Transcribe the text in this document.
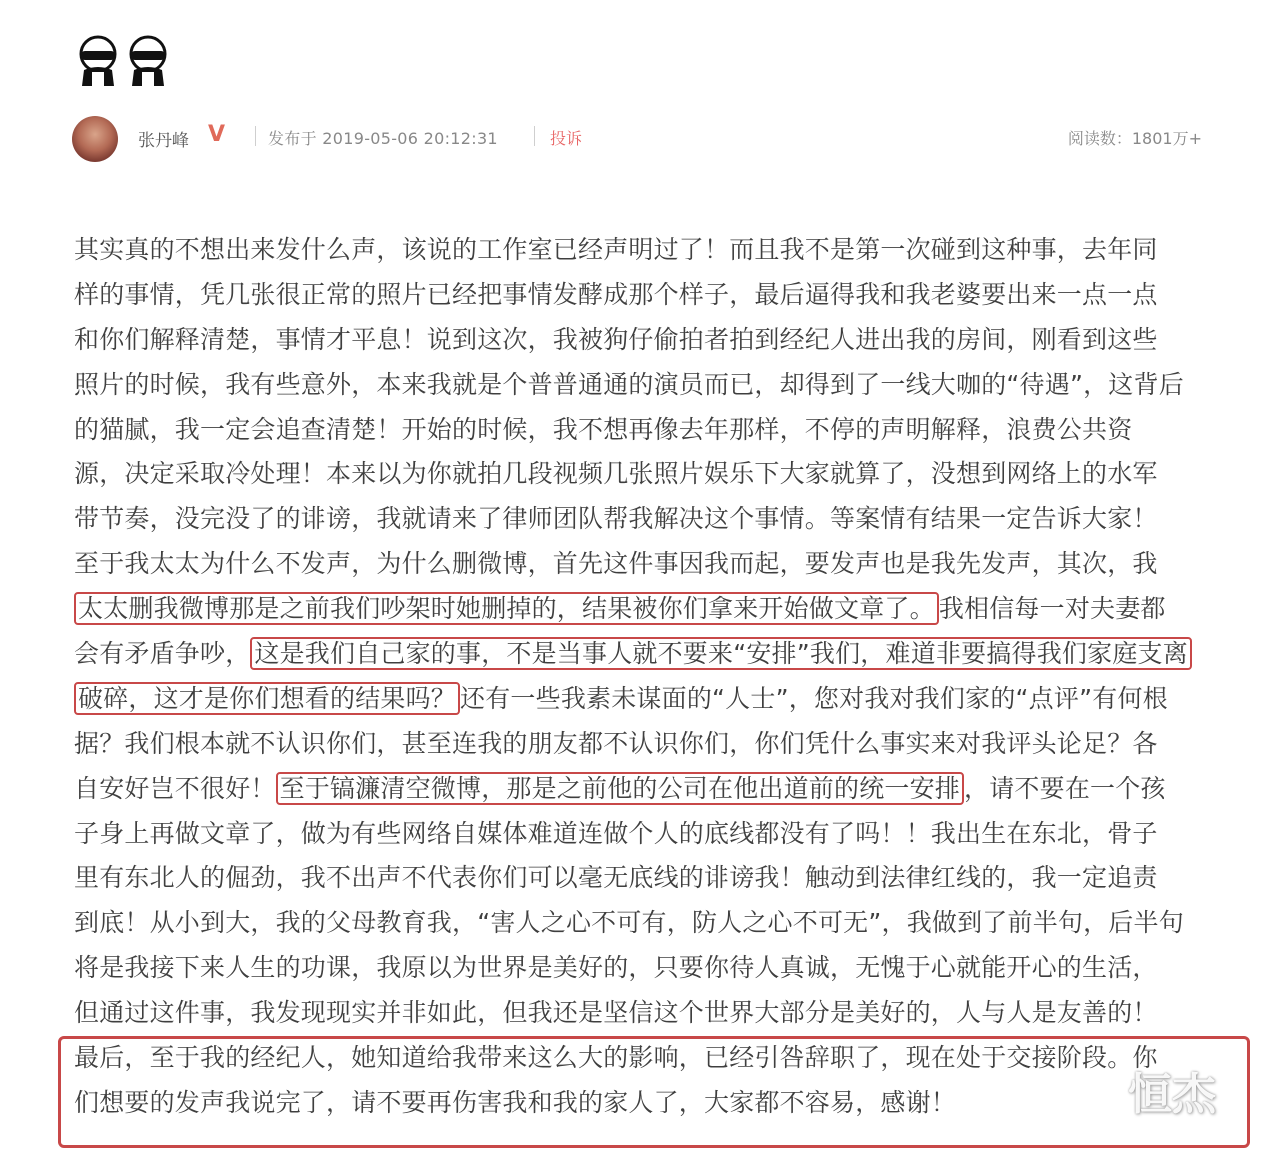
张丹峰 V	发布于 2019-05-06 20:12:31	投诉	阅读数：1801万+
其实真的不想出来发什么声，该说的工作室已经声明过了！而且我不是第一次碰到这种事，去年同
样的事情，凭几张很正常的照片已经把事情发酵成那个样子，最后逼得我和我老婆要出来一点一点
和你们解释清楚，事情才平息！说到这次，我被狗仔偷拍者拍到经纪人进出我的房间，刚看到这些
照片的时候，我有些意外，本来我就是个普普通通的演员而已，却得到了一线大咖的“待遇”，这背后
的猫腻，我一定会追查清楚！开始的时候，我不想再像去年那样，不停的声明解释，浪费公共资
源，决定采取冷处理！本来以为你就拍几段视频几张照片娱乐下大家就算了，没想到网络上的水军
带节奏，没完没了的诽谤，我就请来了律师团队帮我解决这个事情。等案情有结果一定告诉大家！
至于我太太为什么不发声，为什么删微博，首先这件事因我而起，要发声也是我先发声，其次，我
太太删我微博那是之前我们吵架时她删掉的，结果被你们拿来开始做文章了。 我相信每一对夫妻都
会有矛盾争吵， 这是我们自己家的事，不是当事人就不要来“安排”我们，难道非要搞得我们家庭支离
破碎，这才是你们想看的结果吗？ 还有一些我素未谋面的“人士”，您对我对我们家的“点评”有何根
据？我们根本就不认识你们，甚至连我的朋友都不认识你们，你们凭什么事实来对我评头论足？各
自安好岂不很好！ 至于镐濂清空微博，那是之前他的公司在他出道前的统一安排 ，请不要在一个孩
子身上再做文章了，做为有些网络自媒体难道连做个人的底线都没有了吗！！我出生在东北，骨子
里有东北人的倔劲，我不出声不代表你们可以毫无底线的诽谤我！触动到法律红线的，我一定追责
到底！从小到大，我的父母教育我，“害人之心不可有，防人之心不可无”，我做到了前半句，后半句
将是我接下来人生的功课，我原以为世界是美好的，只要你待人真诚，无愧于心就能开心的生活，
但通过这件事，我发现现实并非如此，但我还是坚信这个世界大部分是美好的，人与人是友善的！
最后，至于我的经纪人，她知道给我带来这么大的影响，已经引咎辞职了，现在处于交接阶段。你
们想要的发声我说完了，请不要再伤害我和我的家人了，大家都不容易，感谢！	恒杰
